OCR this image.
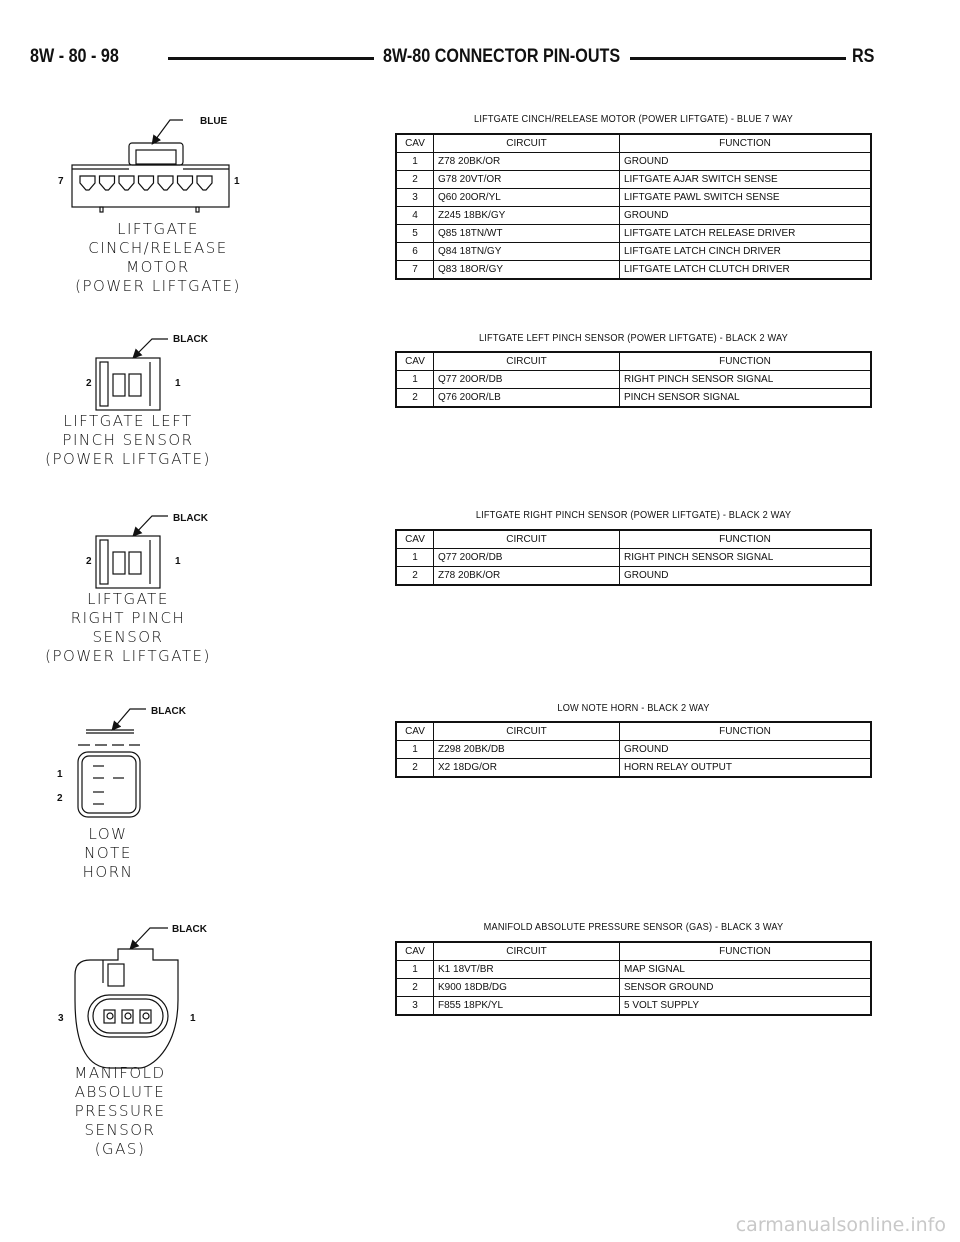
8W - 80 - 98	8W-80 CONNECTOR PIN-OUTS	RS
BLUE
7	1
LIFTGATE
CINCH/RELEASE
MOTOR
(POWER LIFTGATE)
BLACK
2	1
LIFTGATE LEFT
PINCH SENSOR
(POWER LIFTGATE)
BLACK
2	1
LIFTGATE
RIGHT PINCH
SENSOR
(POWER LIFTGATE)
BLACK
1
2
LOW
NOTE
HORN
BLACK
3	1
MANIFOLD
ABSOLUTE
PRESSURE
SENSOR
(GAS)
LIFTGATE CINCH/RELEASE MOTOR (POWER LIFTGATE) - BLUE 7 WAY
CAV	CIRCUIT	FUNCTION
1	Z78 20BK/OR	GROUND
2	G78 20VT/OR	LIFTGATE AJAR SWITCH SENSE
3	Q60 20OR/YL	LIFTGATE PAWL SWITCH SENSE
4	Z245 18BK/GY	GROUND
5	Q85 18TN/WT	LIFTGATE LATCH RELEASE DRIVER
6	Q84 18TN/GY	LIFTGATE LATCH CINCH DRIVER
7	Q83 18OR/GY	LIFTGATE LATCH CLUTCH DRIVER
LIFTGATE LEFT PINCH SENSOR (POWER LIFTGATE) - BLACK 2 WAY
CAV	CIRCUIT	FUNCTION
1	Q77 20OR/DB	RIGHT PINCH SENSOR SIGNAL
2	Q76 20OR/LB	PINCH SENSOR SIGNAL
LIFTGATE RIGHT PINCH SENSOR (POWER LIFTGATE) - BLACK 2 WAY
CAV	CIRCUIT	FUNCTION
1	Q77 20OR/DB	RIGHT PINCH SENSOR SIGNAL
2	Z78 20BK/OR	GROUND
LOW NOTE HORN - BLACK 2 WAY
CAV	CIRCUIT	FUNCTION
1	Z298 20BK/DB	GROUND
2	X2 18DG/OR	HORN RELAY OUTPUT
MANIFOLD ABSOLUTE PRESSURE SENSOR (GAS) - BLACK 3 WAY
CAV	CIRCUIT	FUNCTION
1	K1 18VT/BR	MAP SIGNAL
2	K900 18DB/DG	SENSOR GROUND
3	F855 18PK/YL	5 VOLT SUPPLY
carmanualsonline.info
